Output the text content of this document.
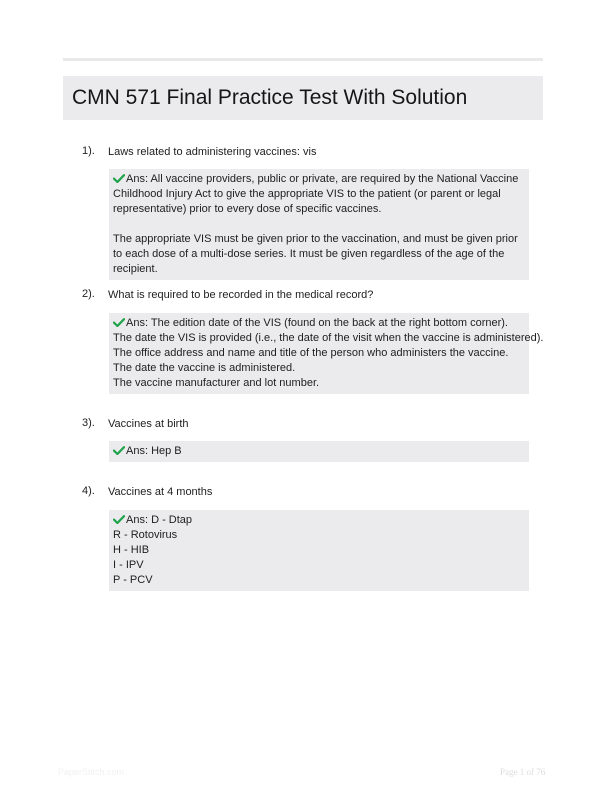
CMN 571 Final Practice Test With Solution
1). Laws related to administering vaccines: vis
Ans: All vaccine providers, public or private, are required by the National Vaccine Childhood Injury Act to give the appropriate VIS to the patient (or parent or legal representative) prior to every dose of specific vaccines.
The appropriate VIS must be given prior to the vaccination, and must be given prior to each dose of a multi-dose series. It must be given regardless of the age of the recipient.
2). What is required to be recorded in the medical record?
Ans: The edition date of the VIS (found on the back at the right bottom corner).
The date the VIS is provided (i.e., the date of the visit when the vaccine is administered).
The office address and name and title of the person who administers the vaccine.
The date the vaccine is administered.
The vaccine manufacturer and lot number.
3). Vaccines at birth
Ans: Hep B
4). Vaccines at 4 months
Ans: D - Dtap
R - Rotovirus
H - HIB
I - IPV
P - PCV
PaperStitch.com	Page 1 of 76
